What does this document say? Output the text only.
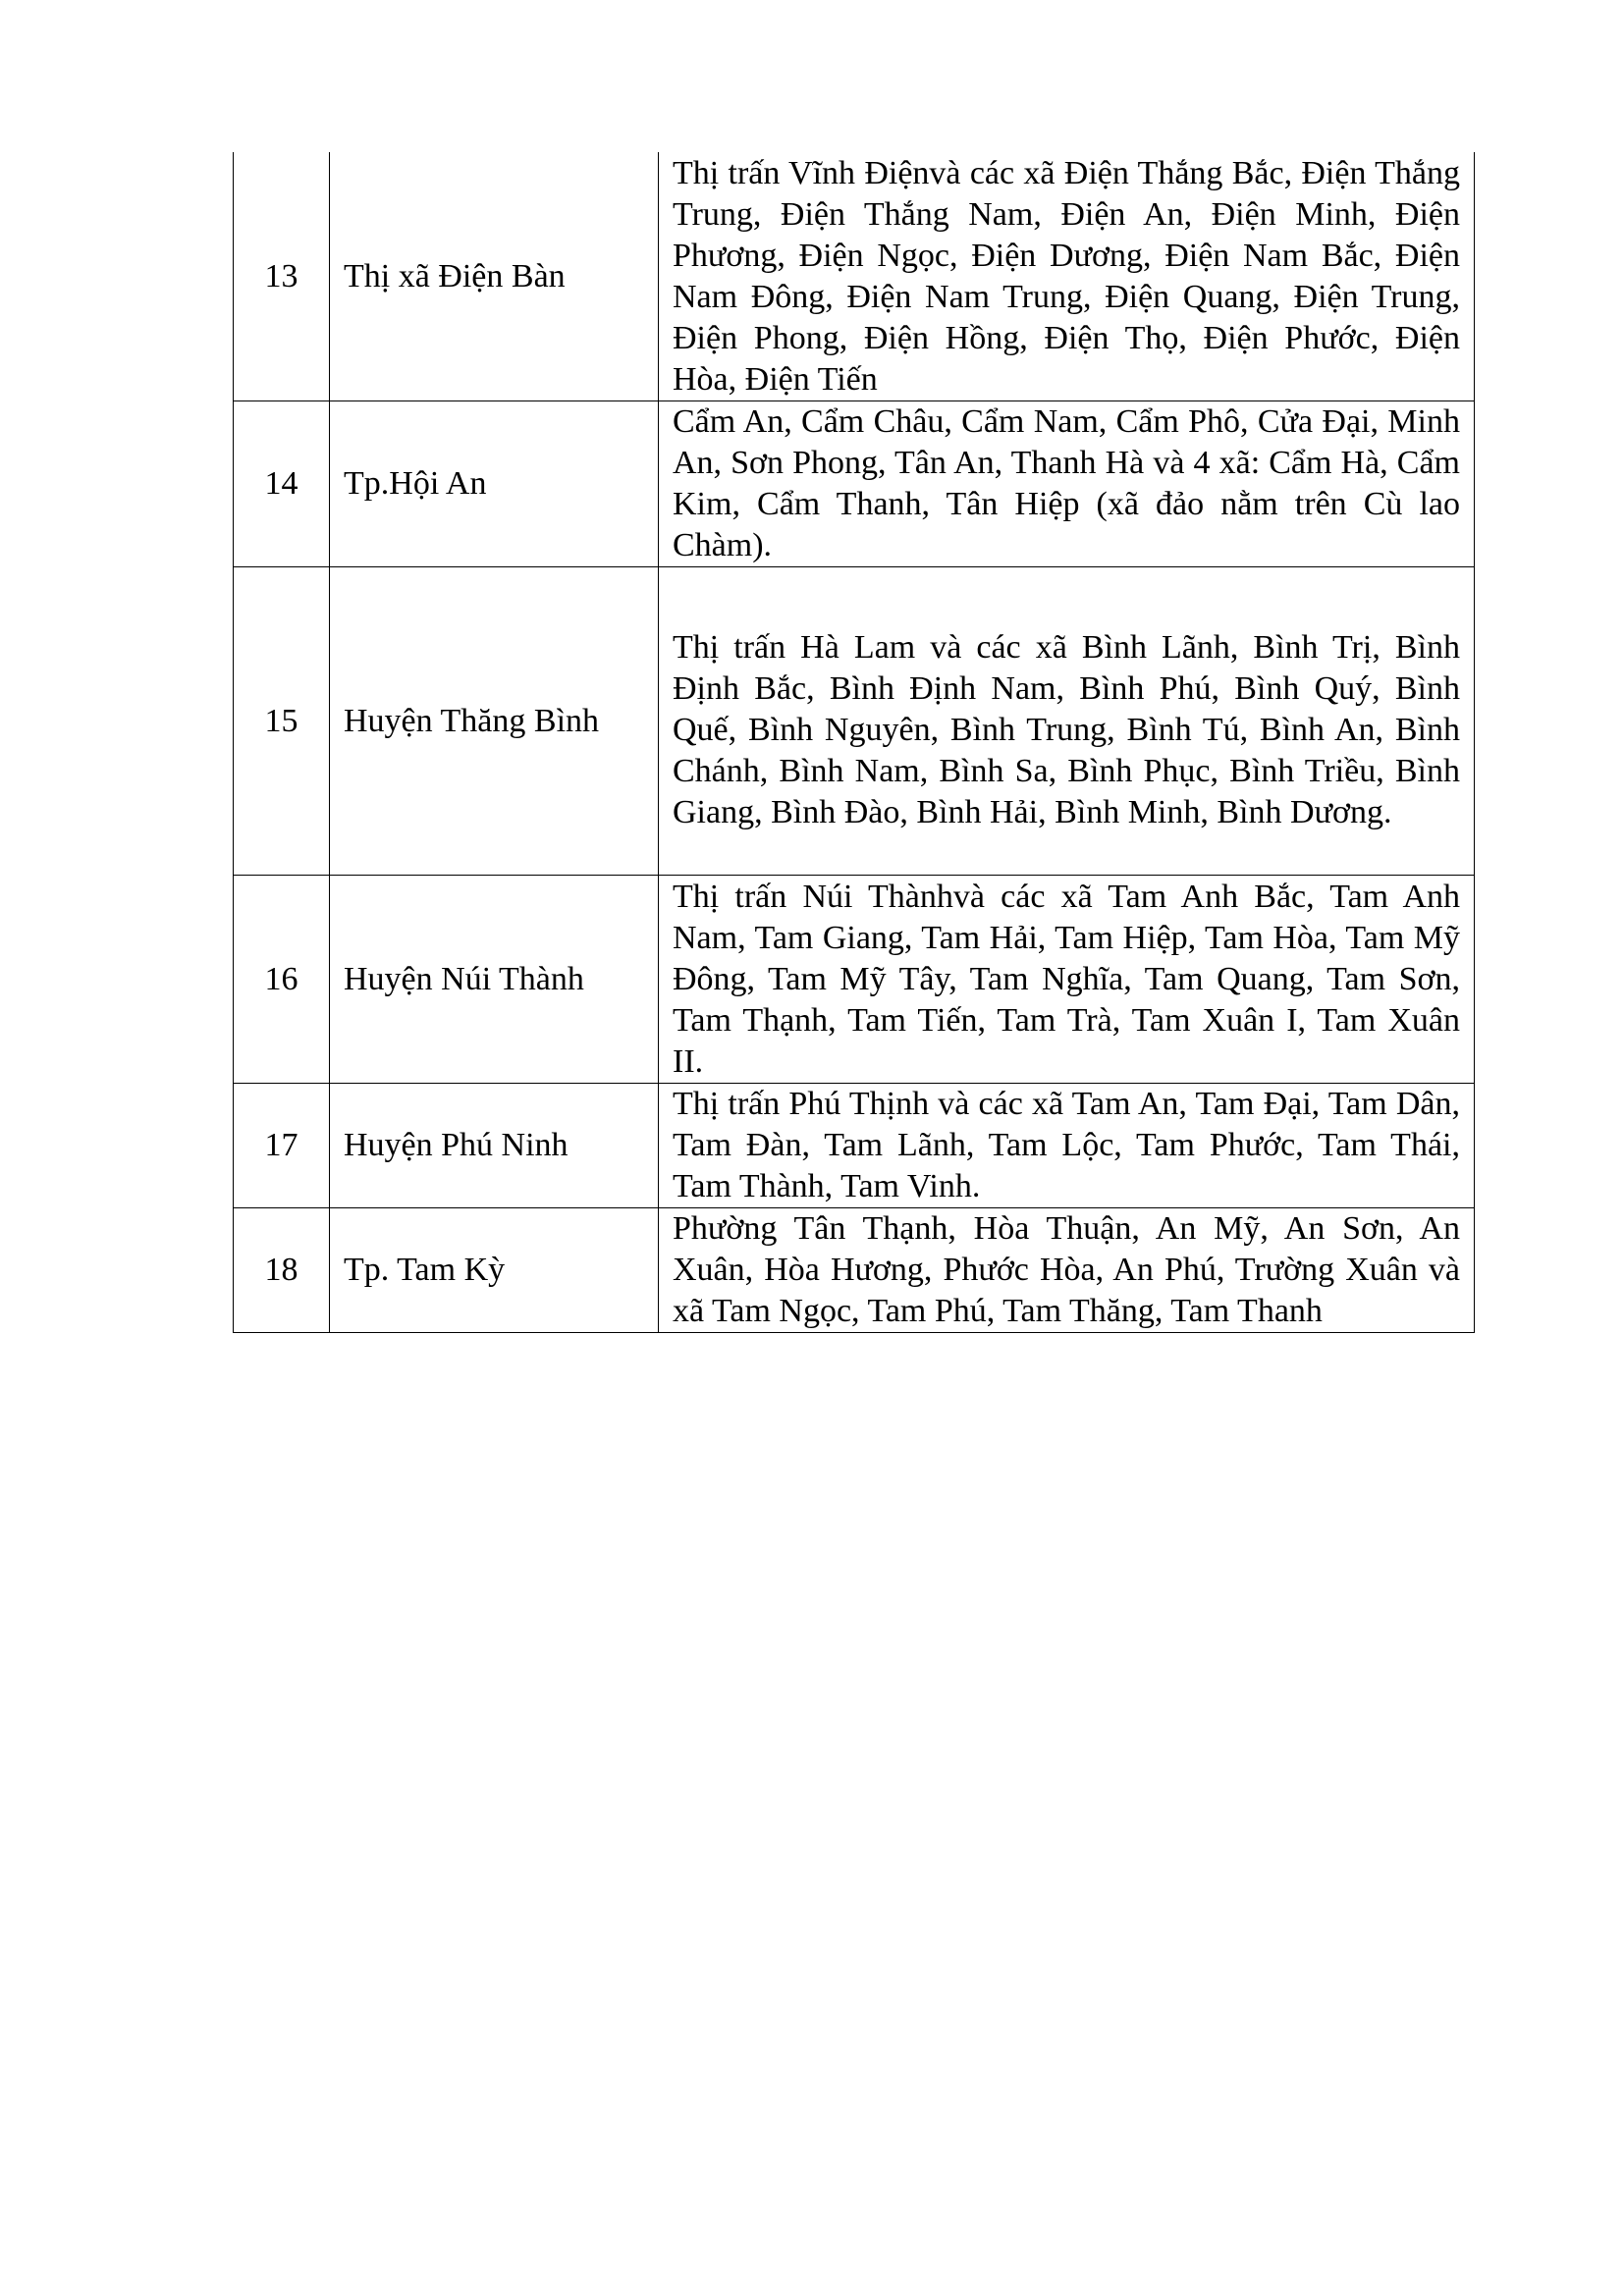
13	Thị xã Điện Bàn	Thị trấn Vĩnh Điệnvà các xã Điện Thắng Bắc, Điện Thắng Trung, Điện Thắng Nam, Điện An, Điện Minh, Điện Phương, Điện Ngọc, Điện Dương, Điện Nam Bắc, Điện Nam Đông, Điện Nam Trung, Điện Quang, Điện Trung, Điện Phong, Điện Hồng, Điện Thọ, Điện Phước, Điện Hòa, Điện Tiến
14	Tp.Hội An	Cẩm An, Cẩm Châu, Cẩm Nam, Cẩm Phô, Cửa Đại, Minh An, Sơn Phong, Tân An, Thanh Hà và 4 xã: Cẩm Hà, Cẩm Kim, Cẩm Thanh, Tân Hiệp (xã đảo nằm trên Cù lao Chàm).
15	Huyện Thăng Bình	Thị trấn Hà Lam và các xã Bình Lãnh, Bình Trị, Bình Định Bắc, Bình Định Nam, Bình Phú, Bình Quý, Bình Quế, Bình Nguyên, Bình Trung, Bình Tú, Bình An, Bình Chánh, Bình Nam, Bình Sa, Bình Phục, Bình Triều, Bình Giang, Bình Đào, Bình Hải, Bình Minh, Bình Dương.
16	Huyện Núi Thành	Thị trấn Núi Thànhvà các xã Tam Anh Bắc, Tam Anh Nam, Tam Giang, Tam Hải, Tam Hiệp, Tam Hòa, Tam Mỹ Đông, Tam Mỹ Tây, Tam Nghĩa, Tam Quang, Tam Sơn, Tam Thạnh, Tam Tiến, Tam Trà, Tam Xuân I, Tam Xuân II.
17	Huyện Phú Ninh	Thị trấn Phú Thịnh và các xã Tam An, Tam Đại, Tam Dân, Tam Đàn, Tam Lãnh, Tam Lộc, Tam Phước, Tam Thái, Tam Thành, Tam Vinh.
18	Tp. Tam Kỳ	Phường Tân Thạnh, Hòa Thuận, An Mỹ, An Sơn, An Xuân, Hòa Hương, Phước Hòa, An Phú, Trường Xuân và xã Tam Ngọc, Tam Phú, Tam Thăng, Tam Thanh
